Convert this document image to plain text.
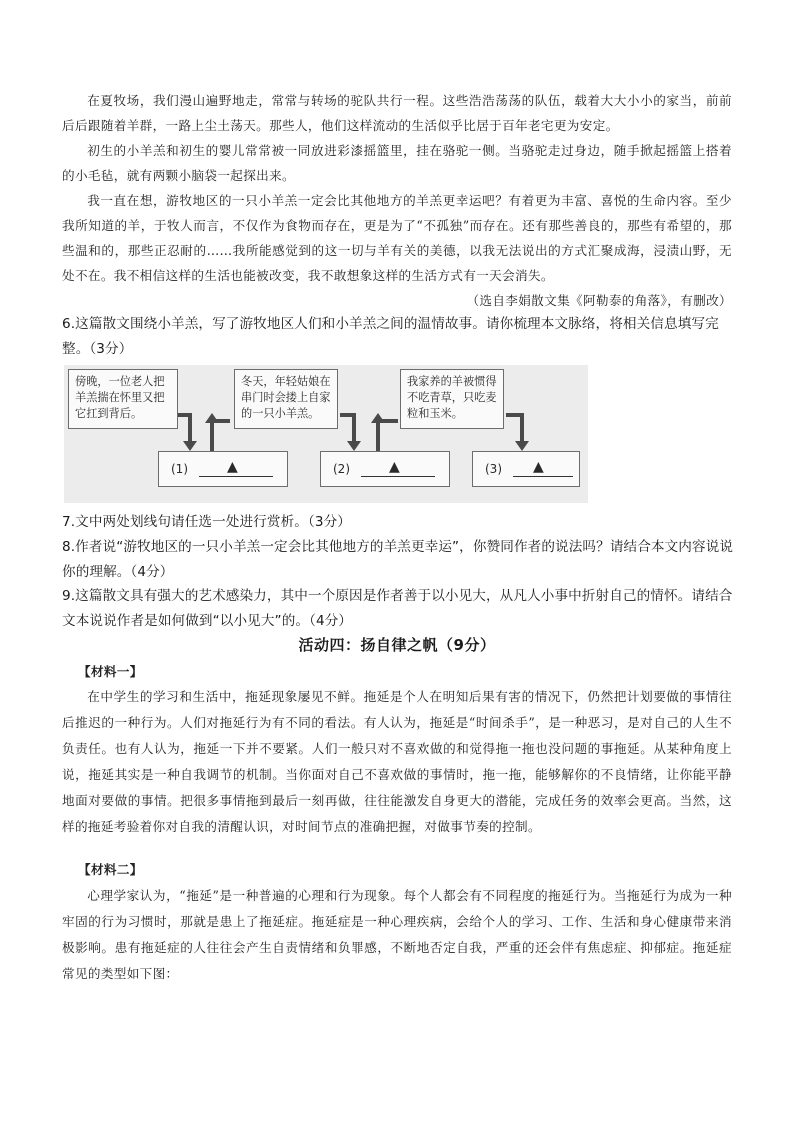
在夏牧场，我们漫山遍野地走，常常与转场的驼队共行一程。这些浩浩荡荡的队伍，载着大大小小的家当，前前后后跟随着羊群，一路上尘土荡天。那些人，他们这样流动的生活似乎比居于百年老宅更为安定。

初生的小羊羔和初生的婴儿常常被一同放进彩漆摇篮里，挂在骆驼一侧。当骆驼走过身边，随手掀起摇篮上搭着的小毛毡，就有两颗小脑袋一起探出来。

我一直在想，游牧地区的一只小羊羔一定会比其他地方的羊羔更幸运吧？有着更为丰富、喜悦的生命内容。至少我所知道的羊，于牧人而言，不仅作为食物而存在，更是为了“不孤独”而存在。还有那些善良的，那些有希望的，那些温和的，那些正忍耐的……我所能感觉到的这一切与羊有关的美德，以我无法说出的方式汇聚成海，浸渍山野，无处不在。我不相信这样的生活也能被改变，我不敢想象这样的生活方式有一天会消失。

（选自李娟散文集《阿勒泰的角落》，有删改）

6.这篇散文围绕小羊羔，写了游牧地区人们和小羊羔之间的温情故事。请你梳理本文脉络，将相关信息填写完整。（3分）

傍晚，一位老人把羊羔揣在怀里又把它扛到背后。
冬天，年轻姑娘在串门时会搂上自家的一只小羊羔。
我家养的羊被惯得不吃青草，只吃麦粒和玉米。
(1)	▲	(2)	▲	(3) ▲

7.文中两处划线句请任选一处进行赏析。（3分）

8.作者说“游牧地区的一只小羊羔一定会比其他地方的羊羔更幸运”，你赞同作者的说法吗？请结合本文内容说说你的理解。（4分）

9.这篇散文具有强大的艺术感染力，其中一个原因是作者善于以小见大，从凡人小事中折射自己的情怀。请结合文本说说作者是如何做到“以小见大”的。（4分）

活动四：扬自律之帆（9分）

【材料一】

在中学生的学习和生活中，拖延现象屡见不鲜。拖延是个人在明知后果有害的情况下，仍然把计划要做的事情往后推迟的一种行为。人们对拖延行为有不同的看法。有人认为，拖延是“时间杀手”，是一种恶习，是对自己的人生不负责任。也有人认为，拖延一下并不要紧。人们一般只对不喜欢做的和觉得拖一拖也没问题的事拖延。从某种角度上说，拖延其实是一种自我调节的机制。当你面对自己不喜欢做的事情时，拖一拖，能够解你的不良情绪，让你能平静地面对要做的事情。把很多事情拖到最后一刻再做，往往能激发自身更大的潜能，完成任务的效率会更高。当然，这样的拖延考验着你对自我的清醒认识，对时间节点的准确把握，对做事节奏的控制。

【材料二】

心理学家认为，“拖延”是一种普遍的心理和行为现象。每个人都会有不同程度的拖延行为。当拖延行为成为一种牢固的行为习惯时，那就是患上了拖延症。拖延症是一种心理疾病，会给个人的学习、工作、生活和身心健康带来消极影响。患有拖延症的人往往会产生自责情绪和负罪感，不断地否定自我，严重的还会伴有焦虑症、抑郁症。拖延症常见的类型如下图：
